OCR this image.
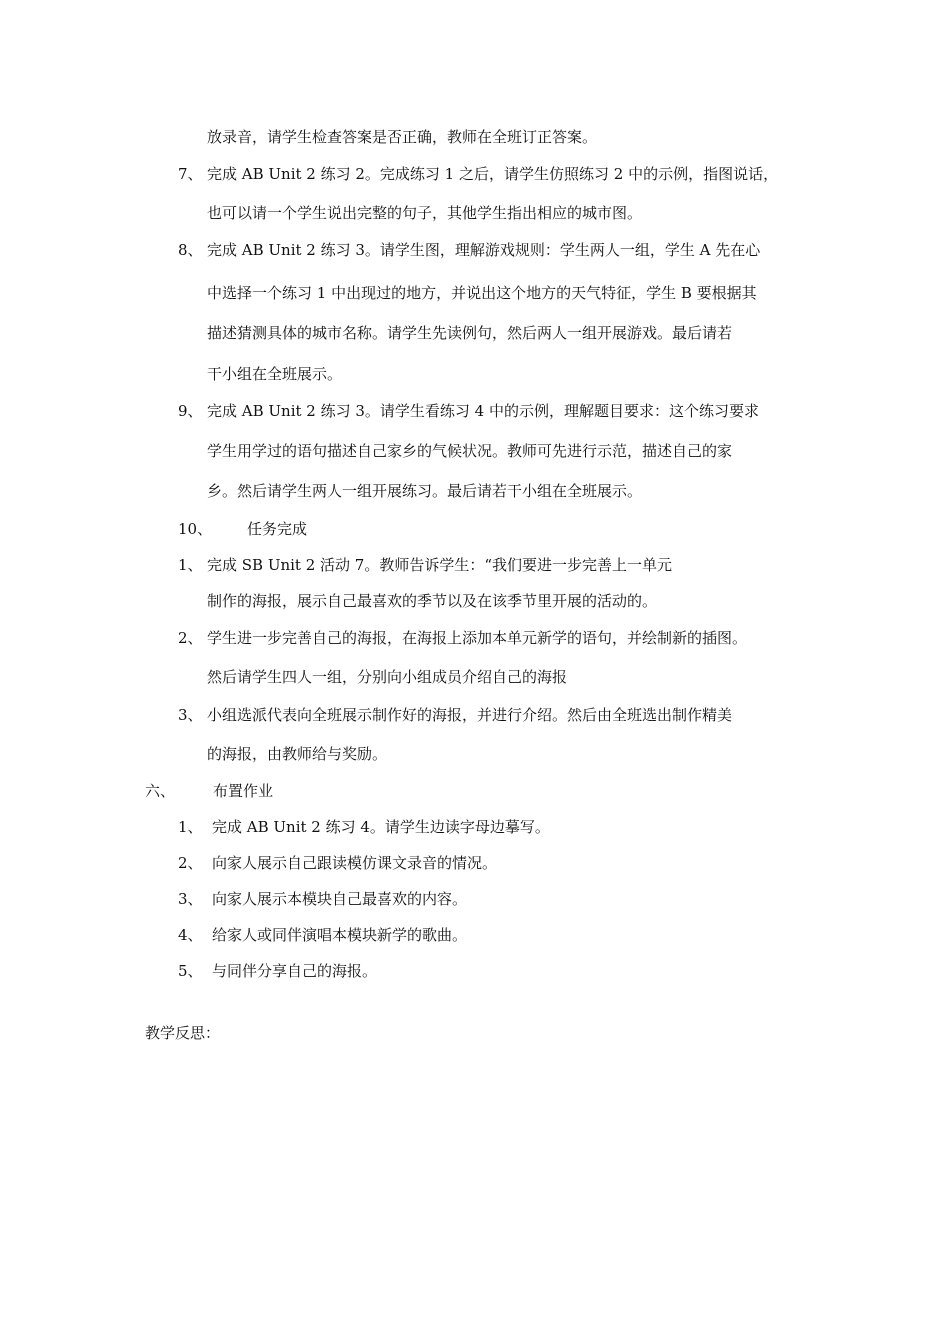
放录音，请学生检查答案是否正确，教师在全班订正答案。
7、 完成 AB Unit 2 练习 2。完成练习 1 之后，请学生仿照练习 2 中的示例，指图说话，
也可以请一个学生说出完整的句子，其他学生指出相应的城市图。
8、 完成 AB Unit 2 练习 3。请学生图，理解游戏规则：学生两人一组，学生 A 先在心
中选择一个练习 1 中出现过的地方，并说出这个地方的天气特征，学生 B 要根据其
描述猜测具体的城市名称。请学生先读例句，然后两人一组开展游戏。最后请若
干小组在全班展示。
9、 完成 AB Unit 2 练习 3。请学生看练习 4 中的示例，理解题目要求：这个练习要求
学生用学过的语句描述自己家乡的气候状况。教师可先进行示范，描述自己的家
乡。然后请学生两人一组开展练习。最后请若干小组在全班展示。
10、 任务完成
1、 完成 SB Unit 2 活动 7。教师告诉学生：“我们要进一步完善上一单元
制作的海报，展示自己最喜欢的季节以及在该季节里开展的活动的。
2、 学生进一步完善自己的海报，在海报上添加本单元新学的语句，并绘制新的插图。
然后请学生四人一组，分别向小组成员介绍自己的海报
3、 小组选派代表向全班展示制作好的海报，并进行介绍。然后由全班选出制作精美
的海报，由教师给与奖励。
六、	布置作业
1、 完成 AB Unit 2 练习 4。请学生边读字母边摹写。
2、 向家人展示自己跟读模仿课文录音的情况。
3、 向家人展示本模块自己最喜欢的内容。
4、 给家人或同伴演唱本模块新学的歌曲。
5、 与同伴分享自己的海报。
教学反思：
